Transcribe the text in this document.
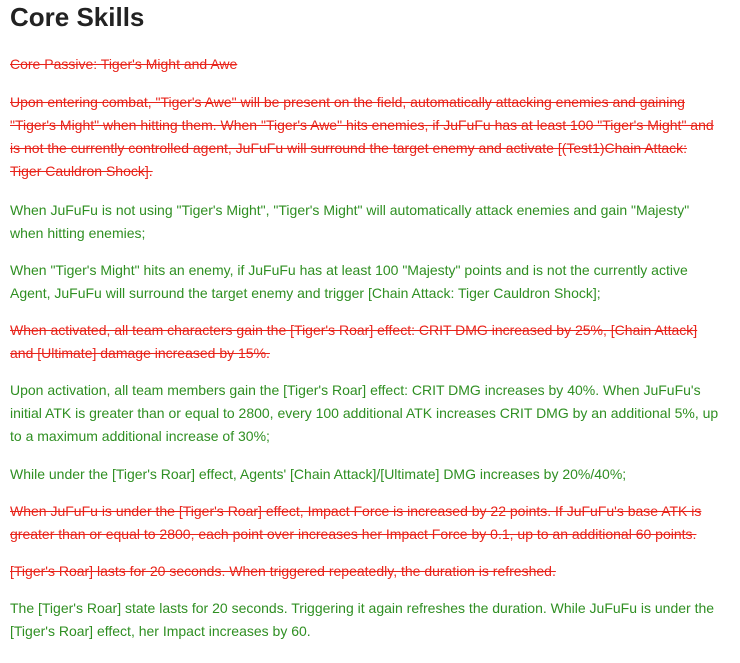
Core Skills

Core Passive: Tiger's Might and Awe

Upon entering combat, "Tiger's Awe" will be present on the field, automatically attacking enemies and gaining "Tiger's Might" when hitting them. When "Tiger's Awe" hits enemies, if JuFuFu has at least 100 "Tiger's Might" and is not the currently controlled agent, JuFuFu will surround the target enemy and activate [(Test1)Chain Attack: Tiger Cauldron Shock].

When JuFuFu is not using "Tiger's Might", "Tiger's Might" will automatically attack enemies and gain "Majesty" when hitting enemies;

When "Tiger's Might" hits an enemy, if JuFuFu has at least 100 "Majesty" points and is not the currently active Agent, JuFuFu will surround the target enemy and trigger [Chain Attack: Tiger Cauldron Shock];

When activated, all team characters gain the [Tiger's Roar] effect: CRIT DMG increased by 25%, [Chain Attack] and [Ultimate] damage increased by 15%.

Upon activation, all team members gain the [Tiger's Roar] effect: CRIT DMG increases by 40%. When JuFuFu's initial ATK is greater than or equal to 2800, every 100 additional ATK increases CRIT DMG by an additional 5%, up to a maximum additional increase of 30%;

While under the [Tiger's Roar] effect, Agents' [Chain Attack]/[Ultimate] DMG increases by 20%/40%;

When JuFuFu is under the [Tiger's Roar] effect, Impact Force is increased by 22 points. If JuFuFu's base ATK is greater than or equal to 2800, each point over increases her Impact Force by 0.1, up to an additional 60 points.

[Tiger's Roar] lasts for 20 seconds. When triggered repeatedly, the duration is refreshed.

The [Tiger's Roar] state lasts for 20 seconds. Triggering it again refreshes the duration. While JuFuFu is under the [Tiger's Roar] effect, her Impact increases by 60.
